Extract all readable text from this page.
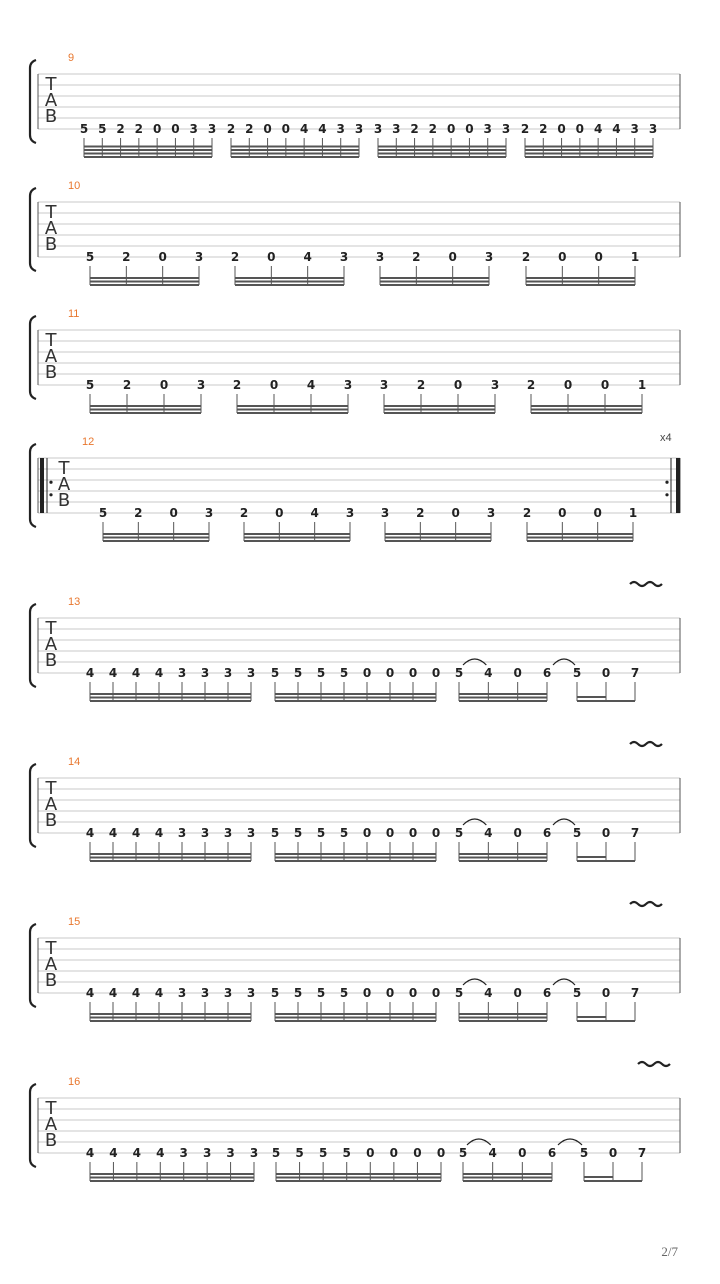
T
A
B
5 5 2 2 0 0 3 3 2 2 0 0 4 4 3 3 3 3 2 2 0 0 3 3 2 2 0 0 4 4 3 3
T
A
B
5 2 0 3 2 0 4 3 3 2 0 3 2 0 0 1
T
A
B
5 2 0 3 2 0 4 3 3 2 0 3 2 0 0 1
T
A
B
5 2 0 3 2 0 4 3 3 2 0 3 2 0 0 1
T
A
B
4 4 4 4 3 3 3 3 5 5 5 5 0 0 0 0 5 4 0 6 5 0 7
T
A
B
4 4 4 4 3 3 3 3 5 5 5 5 0 0 0 0 5 4 0 6 5 0 7
T
A
B
4 4 4 4 3 3 3 3 5 5 5 5 0 0 0 0 5 4 0 6 5 0 7
T
A
B
4 4 4 4 3 3 3 3 5 5 5 5 0 0 0 0 5 4 0 6 5 0 7
2/7
9
10
11
12	x4
13
14
15
16
